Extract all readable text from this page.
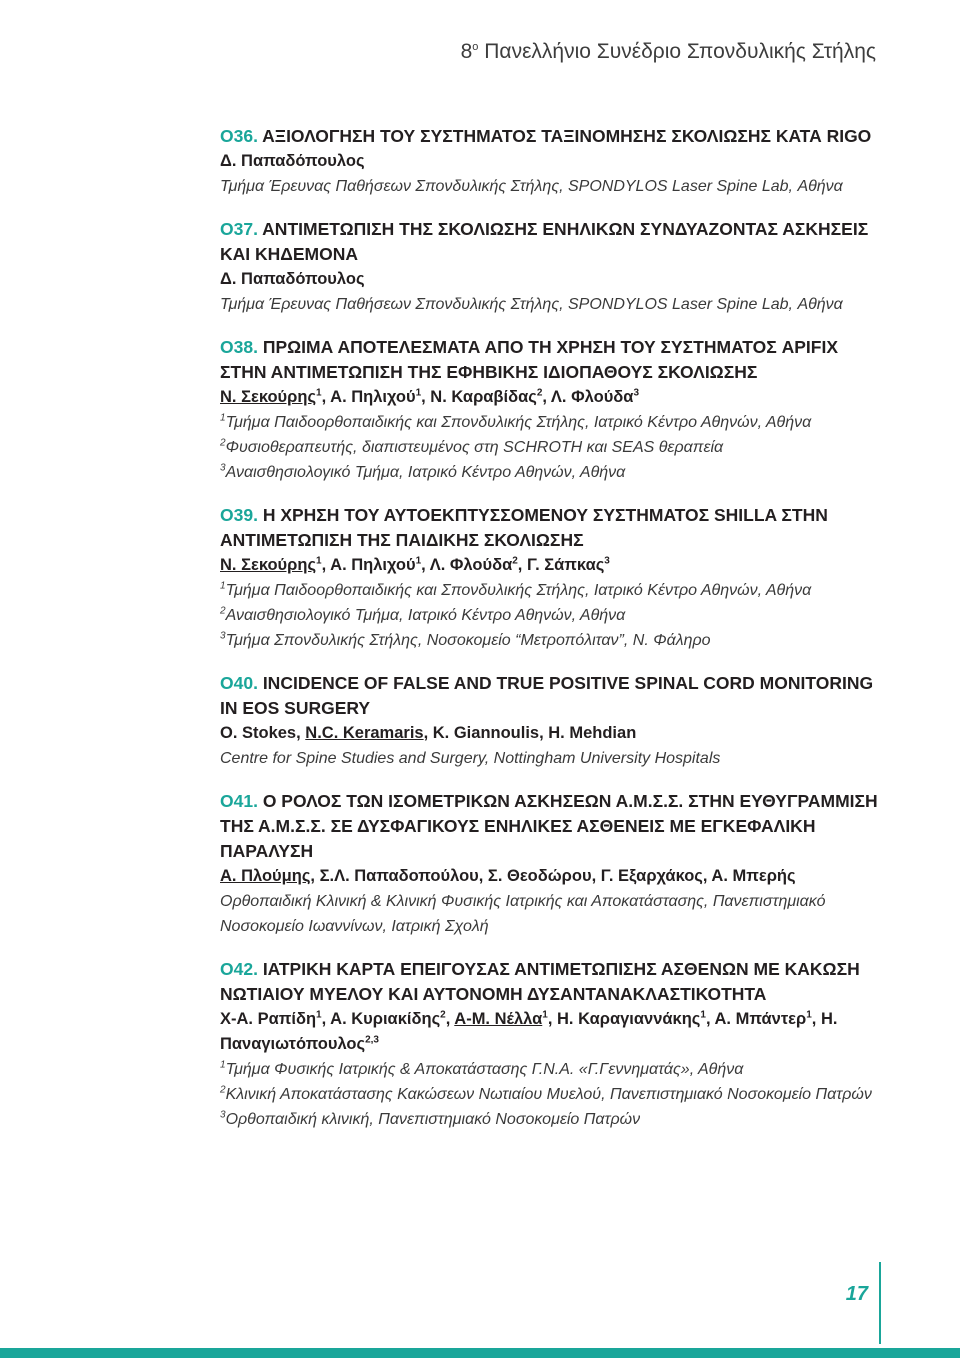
$8^o$ Πανελλήνιο Συνέδριο Σπονδυλικής Στήλης
Ο36. ΑΞΙΟΛΟΓΗΣΗ ΤΟΥ ΣΥΣΤΗΜΑΤΟΣ ΤΑΞΙΝΟΜΗΣΗΣ ΣΚΟΛΙΩΣΗΣ ΚΑΤΑ RIGO
Δ. Παπαδόπουλος
Τμήμα Έρευνας Παθήσεων Σπονδυλικής Στήλης, SPONDYLOS Laser Spine Lab, Αθήνα
Ο37. ΑΝΤΙΜΕΤΩΠΙΣΗ ΤΗΣ ΣΚΟΛΙΩΣΗΣ ΕΝΗΛΙΚΩΝ ΣΥΝΔΥΑΖΟΝΤΑΣ ΑΣΚΗΣΕΙΣ ΚΑΙ ΚΗΔΕΜΟΝΑ
Δ. Παπαδόπουλος
Τμήμα Έρευνας Παθήσεων Σπονδυλικής Στήλης, SPONDYLOS Laser Spine Lab, Αθήνα
Ο38. ΠΡΩΙΜΑ ΑΠΟΤΕΛΕΣΜΑΤΑ ΑΠΟ ΤΗ ΧΡΗΣΗ ΤΟΥ ΣΥΣΤΗΜΑΤΟΣ APIFIX ΣΤΗΝ ΑΝΤΙΜΕΤΩΠΙΣΗ ΤΗΣ ΕΦΗΒΙΚΗΣ ΙΔΙΟΠΑΘΟΥΣ ΣΚΟΛΙΩΣΗΣ
Ν. Σεκούρης$^1$, Α. Πηλιχού$^1$, Ν. Καραβίδας$^2$, Λ. Φλούδα$^3$
$^1$Τμήμα Παιδοορθοπαιδικής και Σπονδυλικής Στήλης, Ιατρικό Κέντρο Αθηνών, Αθήνα
$^2$Φυσιοθεραπευτής, διαπιστευμένος στη SCHROTH και SEAS θεραπεία
$^3$Αναισθησιολογικό Τμήμα, Ιατρικό Κέντρο Αθηνών, Αθήνα
Ο39. Η ΧΡΗΣΗ ΤΟΥ ΑΥΤΟΕΚΠΤΥΣΣΟΜΕΝΟΥ ΣΥΣΤΗΜΑΤΟΣ SHILLA ΣΤΗΝ ΑΝΤΙΜΕΤΩΠΙΣΗ ΤΗΣ ΠΑΙΔΙΚΗΣ ΣΚΟΛΙΩΣΗΣ
Ν. Σεκούρης$^1$, Α. Πηλιχού$^1$, Λ. Φλούδα$^2$, Γ. Σάπκας$^3$
$^1$Τμήμα Παιδοορθοπαιδικής και Σπονδυλικής Στήλης, Ιατρικό Κέντρο Αθηνών, Αθήνα
$^2$Αναισθησιολογικό Τμήμα, Ιατρικό Κέντρο Αθηνών, Αθήνα
$^3$Τμήμα Σπονδυλικής Στήλης, Νοσοκομείο “Μετροπόλιταν”, Ν. Φάληρο
Ο40. INCIDENCE OF FALSE AND TRUE POSITIVE SPINAL CORD MONITORING IN EOS SURGERY
O. Stokes, N.C. Keramaris, K. Giannoulis, H. Mehdian
Centre for Spine Studies and Surgery, Nottingham University Hospitals
Ο41. Ο ΡΟΛΟΣ ΤΩΝ ΙΣΟΜΕΤΡΙΚΩΝ ΑΣΚΗΣΕΩΝ Α.Μ.Σ.Σ. ΣΤΗΝ ΕΥΘΥΓΡΑΜΜΙΣΗ ΤΗΣ Α.Μ.Σ.Σ. ΣΕ ΔΥΣΦΑΓΙΚΟΥΣ ΕΝΗΛΙΚΕΣ ΑΣΘΕΝΕΙΣ ΜΕ ΕΓΚΕΦΑΛΙΚΗ ΠΑΡΑΛΥΣΗ
Α. Πλούμης, Σ.Λ. Παπαδοπούλου, Σ. Θεοδώρου, Γ. Εξαρχάκος, Α. Μπερής
Ορθοπαιδική Κλινική & Κλινική Φυσικής Ιατρικής και Αποκατάστασης, Πανεπιστημιακό Νοσοκομείο Ιωαννίνων, Ιατρική Σχολή
Ο42. ΙΑΤΡΙΚΗ ΚΑΡΤΑ ΕΠΕΙΓΟΥΣΑΣ ΑΝΤΙΜΕΤΩΠΙΣΗΣ ΑΣΘΕΝΩΝ ΜΕ ΚΑΚΩΣΗ ΝΩΤΙΑΙΟΥ ΜΥΕΛΟΥ ΚΑΙ ΑΥΤΟΝΟΜΗ ΔΥΣΑΝΤΑΝΑΚΛΑΣΤΙΚΟΤΗΤΑ
Χ-Α. Ραπίδη$^1$, Α. Κυριακίδης$^2$, Α-Μ. Νέλλα$^1$, Η. Καραγιαννάκης$^1$, Α. Μπάντερ$^1$, Η. Παναγιωτόπουλος$^{2,3}$
$^1$Τμήμα Φυσικής Ιατρικής & Αποκατάστασης Γ.Ν.Α. «Γ.Γεννηματάς», Αθήνα
$^2$Κλινική Αποκατάστασης Κακώσεων Νωτιαίου Μυελού, Πανεπιστημιακό Νοσοκομείο Πατρών
$^3$Ορθοπαιδική κλινική, Πανεπιστημιακό Νοσοκομείο Πατρών
17
